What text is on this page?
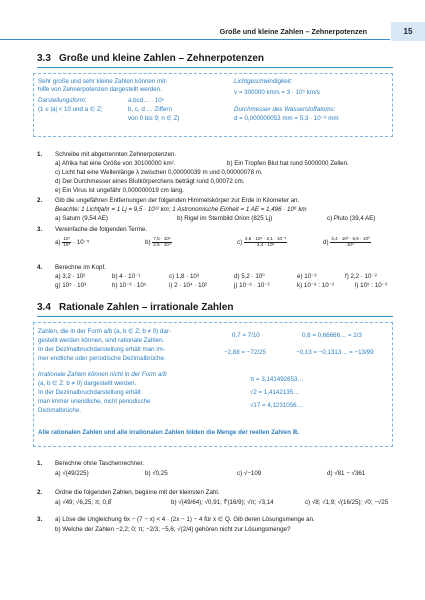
Große und kleine Zahlen – Zehnerpotenzen	15
3.3 Große und kleine Zahlen – Zehnerpotenzen
Sehr große und sehr kleine Zahlen können mit-
hilfe von Zehnerpotenzen dargestellt werden.
Darstellungsform:	a,bcd… · 10ⁿ
(1 ≤ |a| < 10 und a ∈ Z;	b, c, d … Ziffern
von 0 bis 9; n ∈ Z)
Lichtgeschwindigkeit:
v = 300000 km/s = 3 · 10⁵ km/s
Durchmesser des Wasserstoffatoms:
d = 0,000000053 mm = 5,3 · 10⁻⁸ mm
1. Schreibe mit abgetrennten Zehnerpotenzen.
a) Afrika hat eine Größe von 30100000 km².	b) Ein Tropfen Blut hat rund 5000000 Zellen.
c) Licht hat eine Wellenlänge λ zwischen 0,00000039 m und 0,00000078 m.
d) Der Durchmesser eines Blutkörperchens beträgt rund 0,00072 cm.
e) Ein Virus ist ungefähr 0,000000019 cm lang.
2. Gib die ungefähren Entfernungen der folgenden Himmelskörper zur Erde in Kilometer an.
Beachte: 1 Lichtjahr = 1 Lj = 9,5 · 10¹² km; 1 Astronomische Einheit = 1 AE = 1,496 · 10⁸ km
a) Saturn (9,54 AE)	b) Rigel im Sternbild Orion (825 Lj)	c) Pluto (39,4 AE)
3. Vereinfache die folgenden Terme.
$a) \frac{\text{10⁷}}{\text{10⁵}} \cdot 10^{-5}$	$b) \frac{\text{7,5 · 10⁶}}{\text{2,5 · 10⁴}}$	$c) \frac{\text{4,8 · 10⁹ · 2,1 · 10⁻⁵}}{\text{2,4 · 10⁶}}$	$d) \frac{\text{3,4 · 10³ · 6,6 · 10³}}{\text{10⁴}}$
4. Berechne im Kopf.
a) 3,2 · 10²	b) 4 · 10⁻¹	c) 1,8 · 10³	d) 5,2 · 10⁰	e) 10⁻³	f) 2,2 · 10⁻²
g) 10⁵ · 10³	h) 10⁻³ · 10⁵	i) 2 · 10⁴ · 10²	j) 10⁻⁸ · 10⁻²	k) 10⁻⁸ : 10⁻²	l) 10⁵ : 10⁻³
3.4 Rationale Zahlen – irrationale Zahlen
Zahlen, die in der Form a/b (a, b ∈ Z; b ≠ 0) dar-
gestellt werden können, sind rationale Zahlen.
In der Dezimalbruchdarstellung erhält man im-
mer endliche oder periodische Dezimalbrüche.
0,7 = 7/10	0,6 = 0,66666… = 2/3
−2,88 = −72/25	−0,13 = −0,1313… = −13/99
Irrationale Zahlen können nicht in der Form a/b
(a, b ∈ Z; b ≠ 0) dargestellt werden.
In der Dezimalbruchdarstellung erhält
man immer unendliche, nicht periodische
Dezimalbrüche.
π = 3,141492653…
√2 = 1,4142135…
√17 = 4,1231056…
Alle rationalen Zahlen und alle irrationalen Zahlen bilden die Menge der reellen Zahlen ℝ.
1. Berechne ohne Taschenrechner.
a) √(49/225)	b) √0,25	c) √−109	d) √81 − √361
2. Ordne die folgenden Zahlen, beginne mit der kleinsten Zahl.
a) √49; √6,25; π; 0,8̄	b) √(49/64); √0,91; ∜(16/9); √π; √3,14	c) √8; √1,9; √(16/25); √0; −√25
3. a) Löse die Ungleichung 6x − (7 − x) < 4 · (2x − 1) − 4 für x ∈ Q. Gib deren Lösungsmenge an.
b) Welche der Zahlen −2,2; 0; π; −2/3; −5,6; √(2/4) gehören nicht zur Lösungsmenge?
